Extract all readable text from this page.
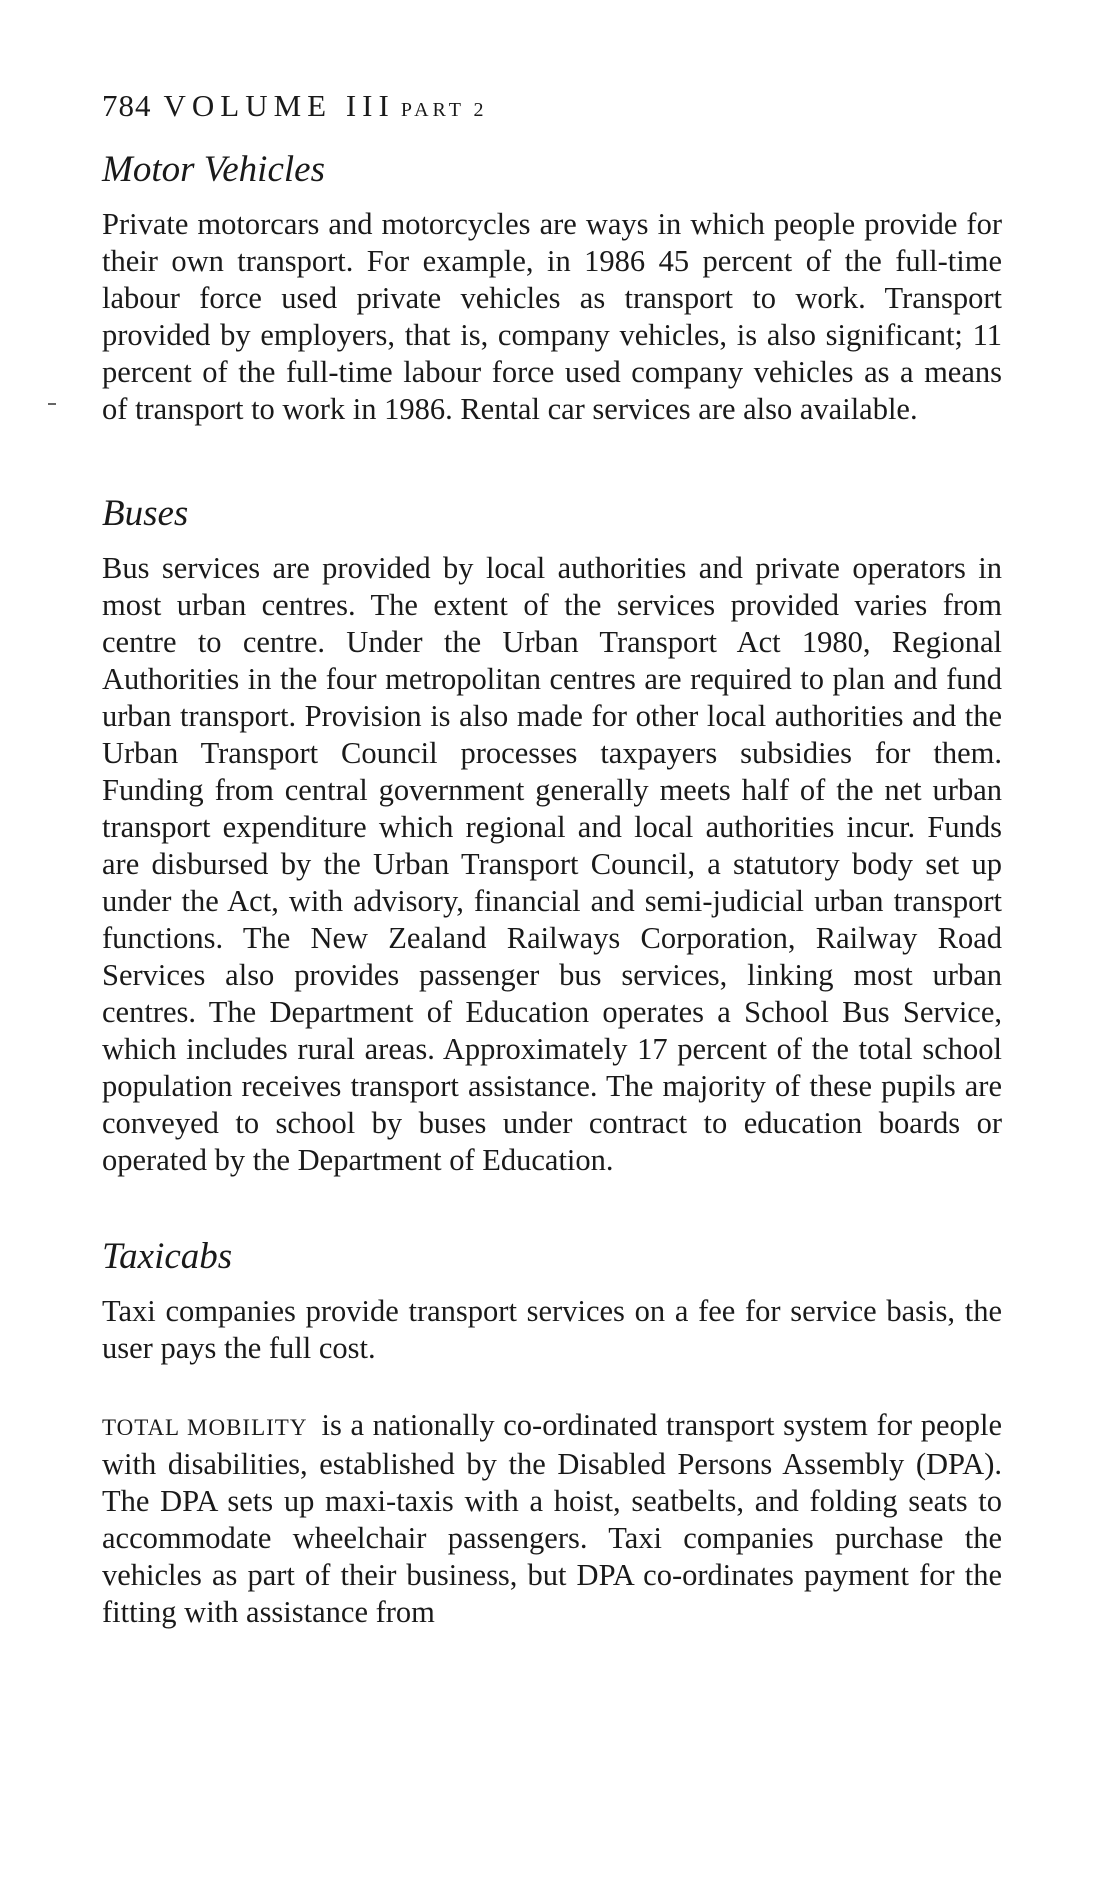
784 VOLUME III PART 2
Motor Vehicles

Private motorcars and motorcycles are ways in which people provide for their own transport. For example, in 1986 45 percent of the full-time labour force used private vehicles as transport to work. Transport provided by employers, that is, company vehicles, is also significant; 11 percent of the full-time labour force used company vehicles as a means of transport to work in 1986. Rental car services are also available.

Buses

Bus services are provided by local authorities and private operators in most urban centres. The extent of the services provided varies from centre to centre. Under the Urban Transport Act 1980, Regional Authorities in the four metropolitan centres are required to plan and fund urban transport. Provision is also made for other local authorities and the Urban Transport Council processes taxpayers subsidies for them. Funding from central government generally meets half of the net urban transport expenditure which regional and local authorities incur. Funds are disbursed by the Urban Transport Council, a statutory body set up under the Act, with advisory, financial and semi-judicial urban transport functions. The New Zealand Railways Corporation, Railway Road Services also provides passenger bus services, linking most urban centres. The Department of Education operates a School Bus Service, which includes rural areas. Approximately 17 percent of the total school population receives transport assistance. The majority of these pupils are conveyed to school by buses under contract to education boards or operated by the Department of Education.

Taxicabs

Taxi companies provide transport services on a fee for service basis, the user pays the full cost.

TOTAL MOBILITY is a nationally co-ordinated transport system for people with disabilities, established by the Disabled Persons Assembly (DPA). The DPA sets up maxi-taxis with a hoist, seatbelts, and folding seats to accommodate wheelchair passengers. Taxi companies purchase the vehicles as part of their business, but DPA co-ordinates payment for the fitting with assistance from
